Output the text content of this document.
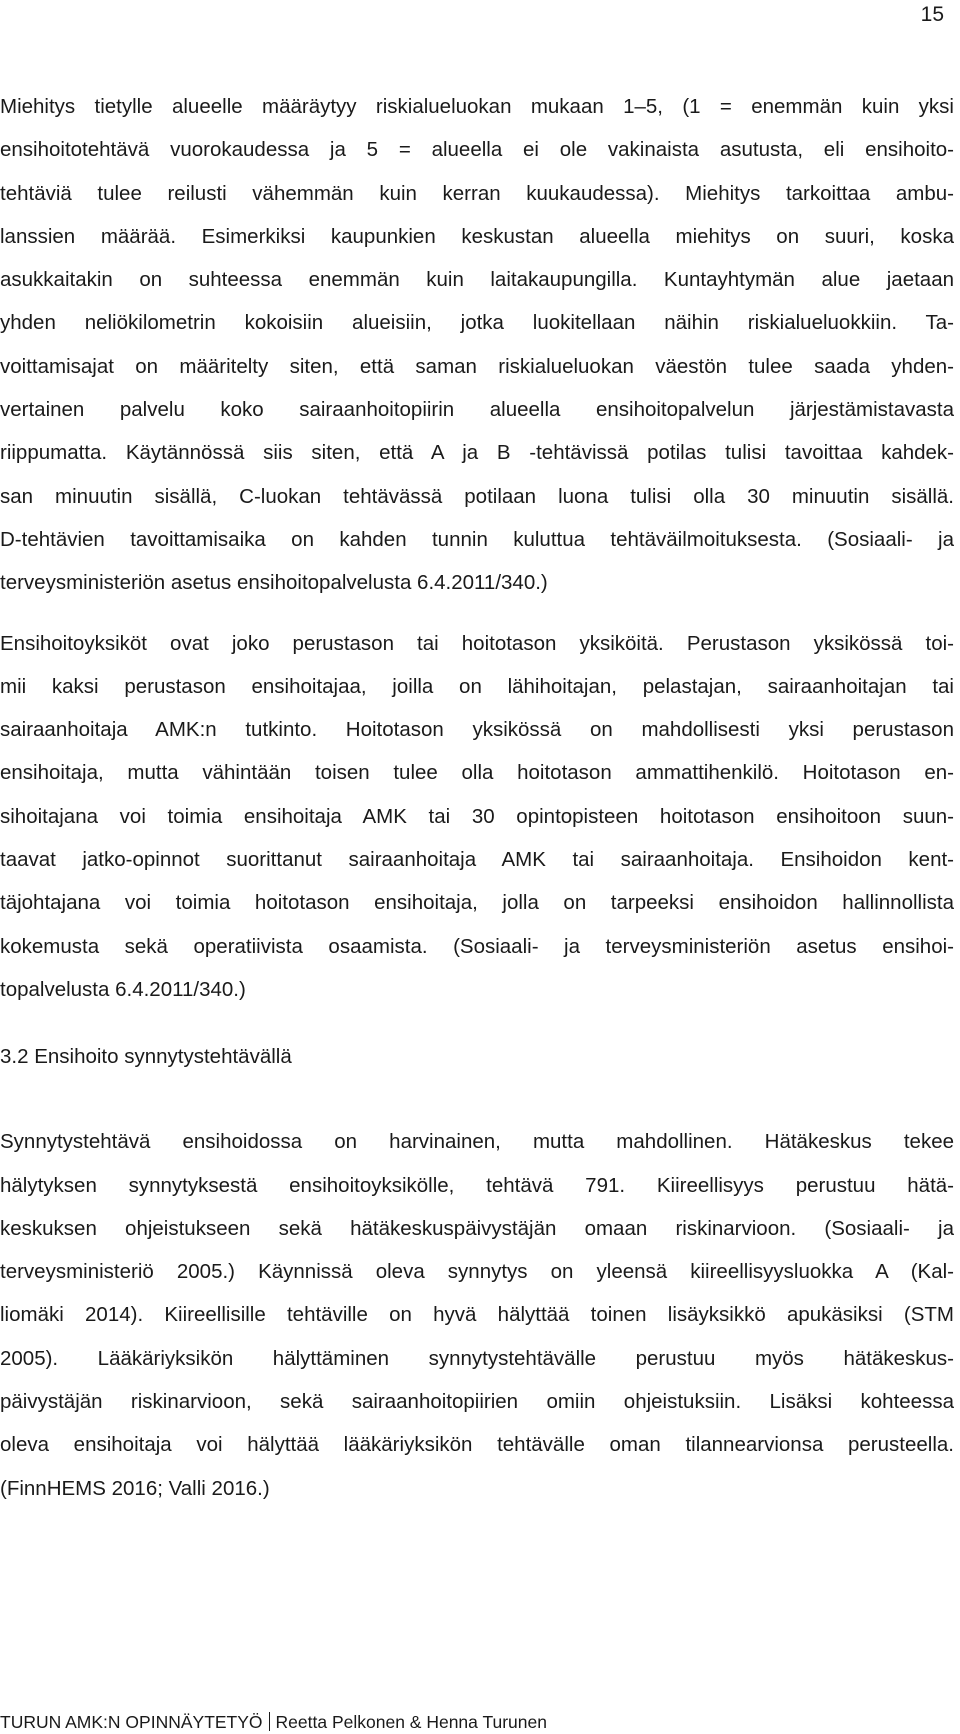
15
Miehitys tietylle alueelle määräytyy riskialueluokan mukaan 1–5, (1 = enemmän kuin yksi
ensihoitotehtävä vuorokaudessa ja 5 = alueella ei ole vakinaista asutusta, eli ensihoito-
tehtäviä tulee reilusti vähemmän kuin kerran kuukaudessa). Miehitys tarkoittaa ambu-
lanssien määrää. Esimerkiksi kaupunkien keskustan alueella miehitys on suuri, koska
asukkaitakin on suhteessa enemmän kuin laitakaupungilla. Kuntayhtymän alue jaetaan
yhden neliökilometrin kokoisiin alueisiin, jotka luokitellaan näihin riskialueluokkiin. Ta-
voittamisajat on määritelty siten, että saman riskialueluokan väestön tulee saada yhden-
vertainen palvelu koko sairaanhoitopiirin alueella ensihoitopalvelun järjestämistavasta
riippumatta. Käytännössä siis siten, että A ja B -tehtävissä potilas tulisi tavoittaa kahdek-
san minuutin sisällä, C-luokan tehtävässä potilaan luona tulisi olla 30 minuutin sisällä.
D-tehtävien tavoittamisaika on kahden tunnin kuluttua tehtäväilmoituksesta. (Sosiaali- ja
terveysministeriön asetus ensihoitopalvelusta 6.4.2011/340.)
Ensihoitoyksiköt ovat joko perustason tai hoitotason yksiköitä. Perustason yksikössä toi-
mii kaksi perustason ensihoitajaa, joilla on lähihoitajan, pelastajan, sairaanhoitajan tai
sairaanhoitaja AMK:n tutkinto. Hoitotason yksikössä on mahdollisesti yksi perustason
ensihoitaja, mutta vähintään toisen tulee olla hoitotason ammattihenkilö. Hoitotason en-
sihoitajana voi toimia ensihoitaja AMK tai 30 opintopisteen hoitotason ensihoitoon suun-
taavat jatko-opinnot suorittanut sairaanhoitaja AMK tai sairaanhoitaja. Ensihoidon kent-
täjohtajana voi toimia hoitotason ensihoitaja, jolla on tarpeeksi ensihoidon hallinnollista
kokemusta sekä operatiivista osaamista. (Sosiaali- ja terveysministeriön asetus ensihoi-
topalvelusta 6.4.2011/340.)
3.2 Ensihoito synnytystehtävällä
Synnytystehtävä ensihoidossa on harvinainen, mutta mahdollinen. Hätäkeskus tekee
hälytyksen synnytyksestä ensihoitoyksikölle, tehtävä 791. Kiireellisyys perustuu hätä-
keskuksen ohjeistukseen sekä hätäkeskuspäivystäjän omaan riskinarvioon. (Sosiaali- ja
terveysministeriö 2005.) Käynnissä oleva synnytys on yleensä kiireellisyysluokka A (Kal-
liomäki 2014). Kiireellisille tehtäville on hyvä hälyttää toinen lisäyksikkö apukäsiksi (STM
2005). Lääkäriyksikön hälyttäminen synnytystehtävälle perustuu myös hätäkeskus-
päivystäjän riskinarvioon, sekä sairaanhoitopiirien omiin ohjeistuksiin. Lisäksi kohteessa
oleva ensihoitaja voi hälyttää lääkäriyksikön tehtävälle oman tilannearvionsa perusteella.
(FinnHEMS 2016; Valli 2016.)
TURUN AMK:N OPINNÄYTETYÖ Reetta Pelkonen & Henna Turunen
